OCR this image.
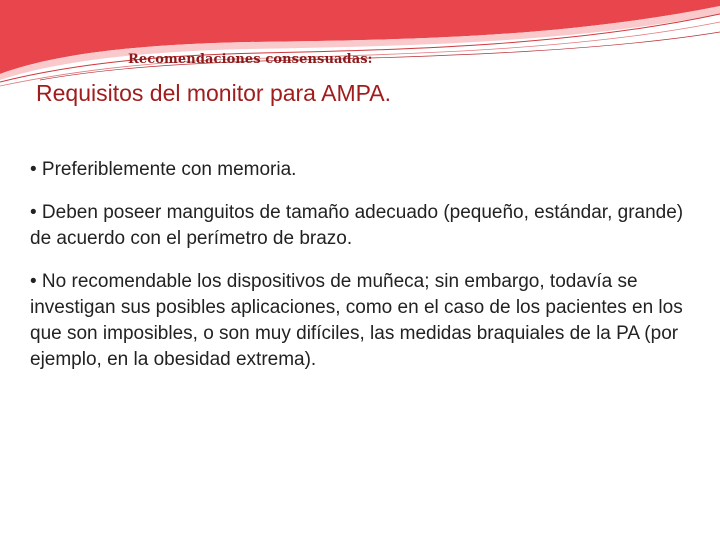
Recomendaciones consensuadas:
Requisitos del monitor para AMPA.

• Preferiblemente con memoria.

• Deben poseer manguitos de tamaño adecuado (pequeño, estándar, grande) de acuerdo con el perímetro de brazo.

• No recomendable los dispositivos de muñeca; sin embargo, todavía se investigan sus posibles aplicaciones, como en el caso de los pacientes en los que son imposibles, o son muy difíciles, las medidas braquiales de la PA (por ejemplo, en la obesidad extrema).
